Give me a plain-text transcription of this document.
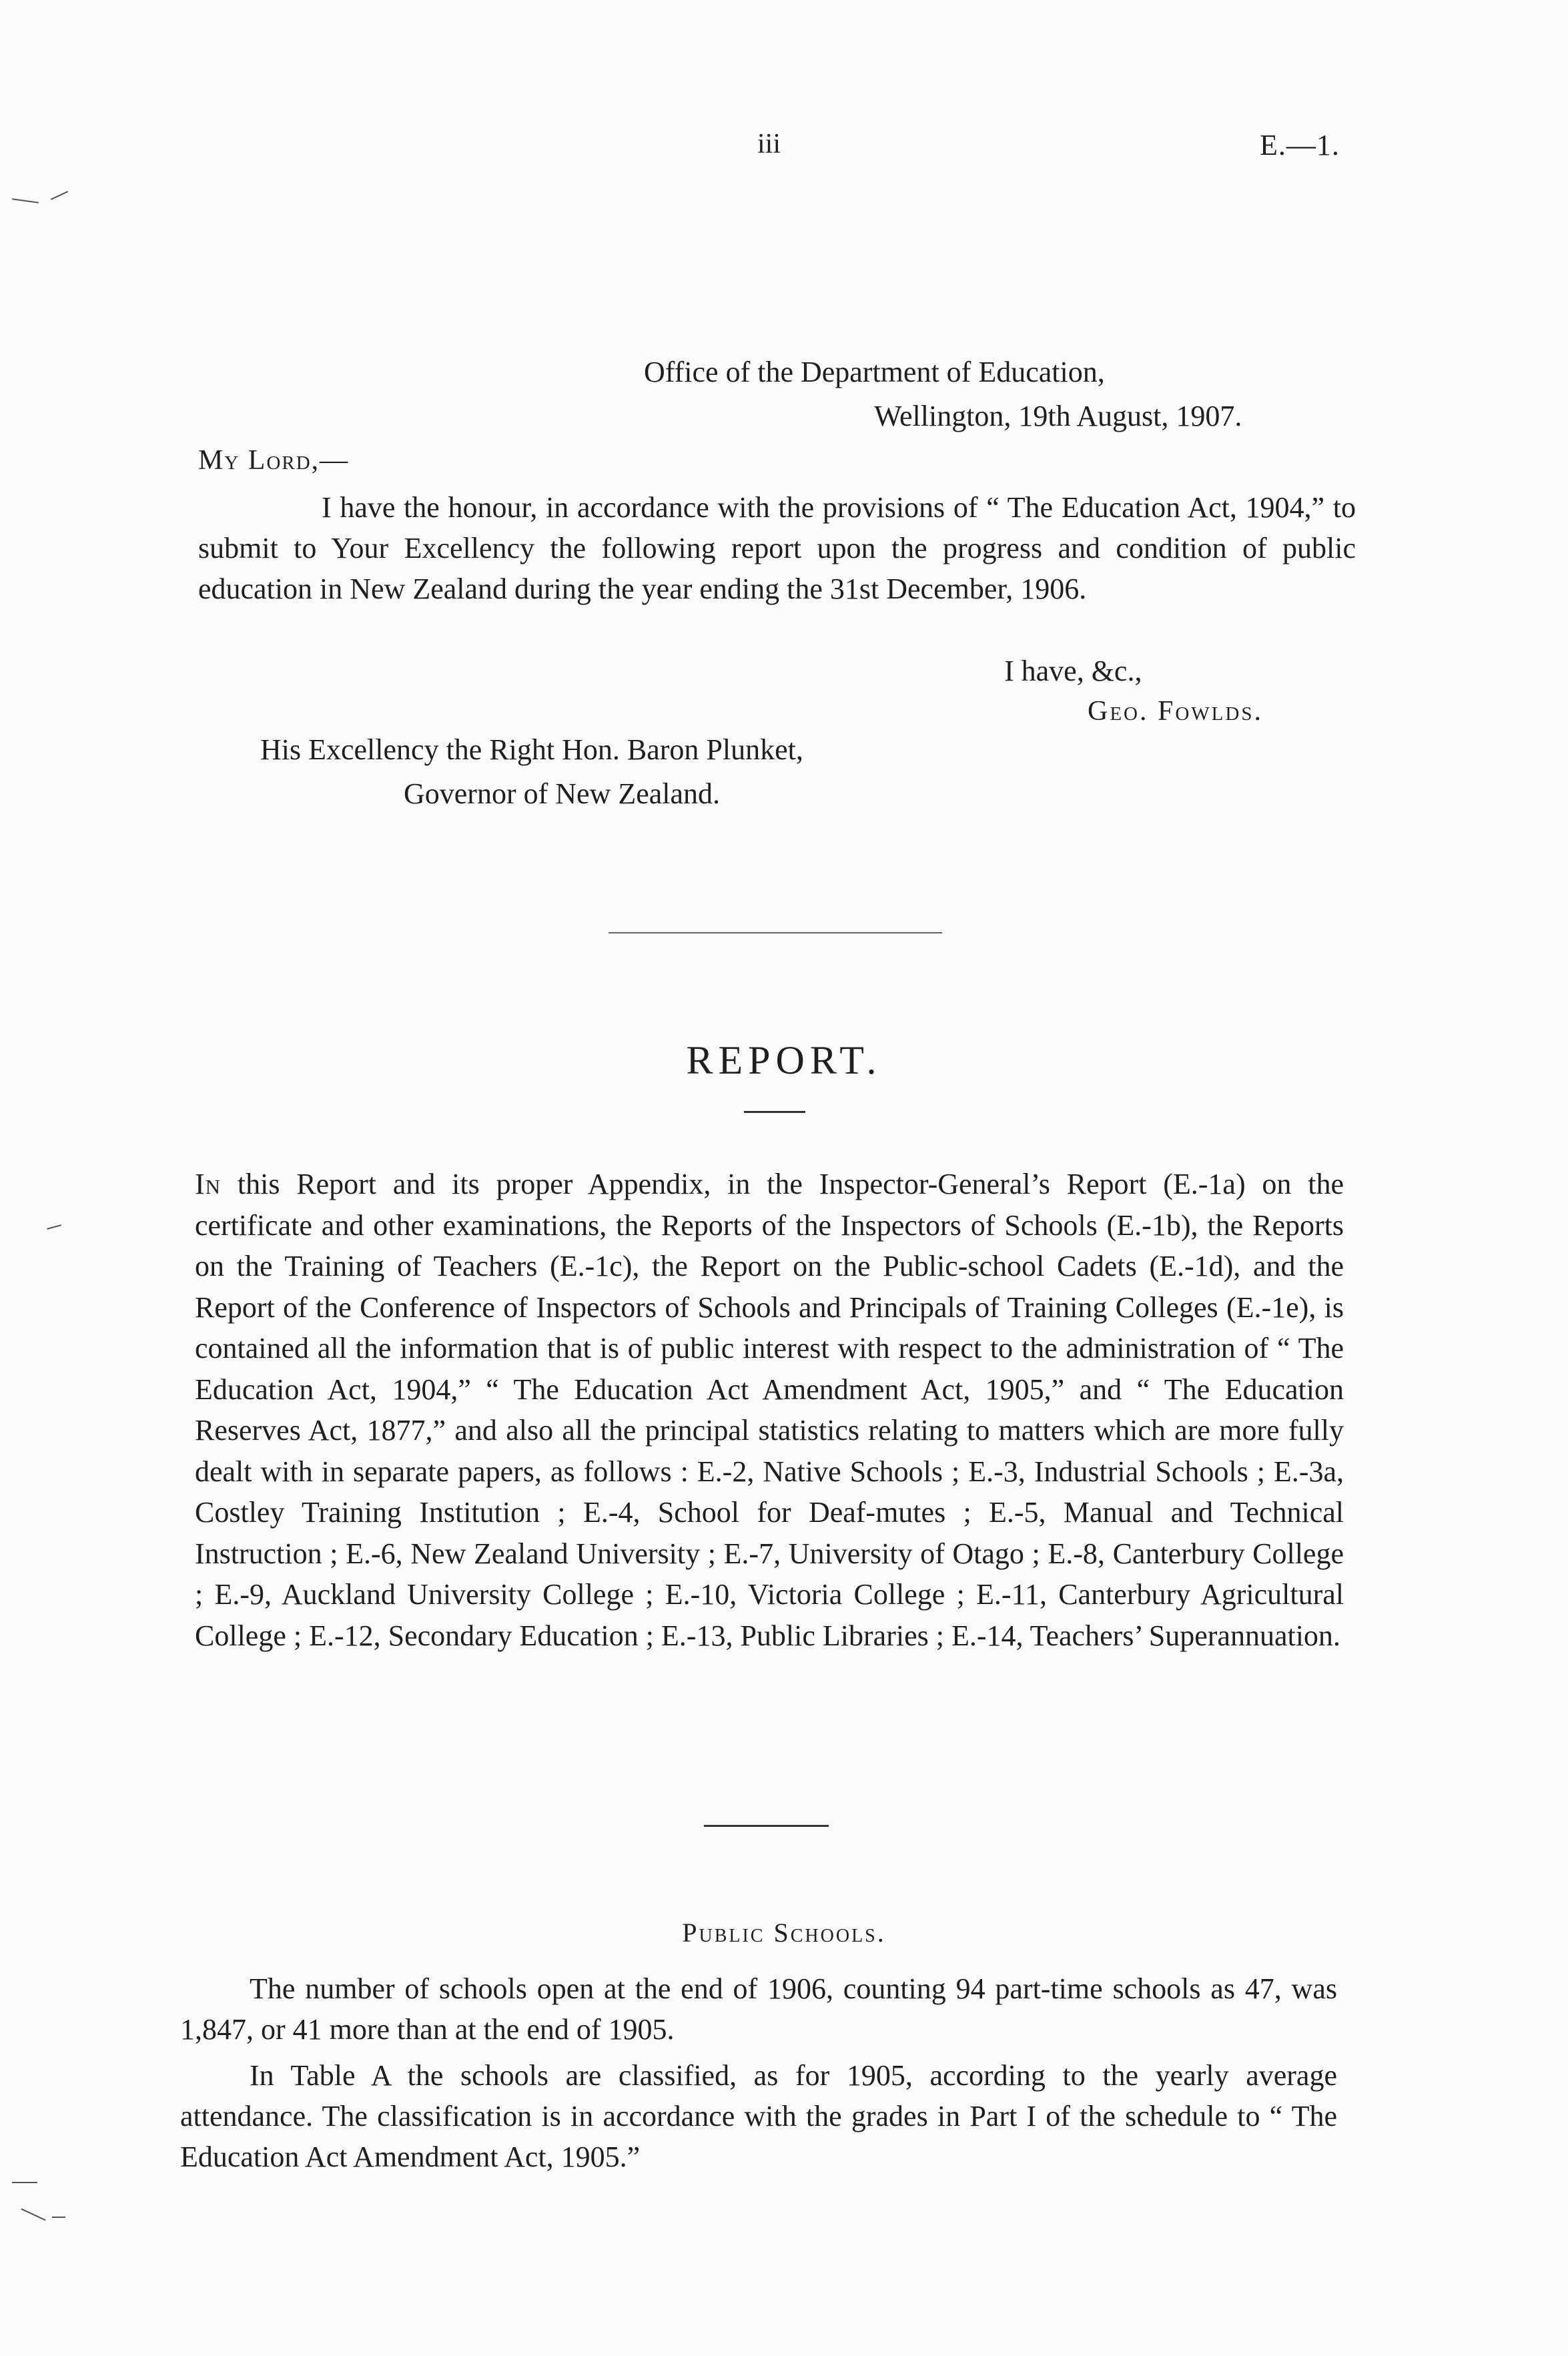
iii	E.—1.
Office of the Department of Education,
Wellington, 19th August, 1907.
My Lord,—

I have the honour, in accordance with the provisions of “ The Education Act, 1904,” to submit to Your Excellency the following report upon the progress and condition of public education in New Zealand during the year ending the 31st December, 1906.

I have, &c.,
Geo. Fowlds.
His Excellency the Right Hon. Baron Plunket,
Governor of New Zealand.
REPORT.

In this Report and its proper Appendix, in the Inspector-General’s Report (E.-1a) on the certificate and other examinations, the Reports of the Inspectors of Schools (E.-1b), the Reports on the Training of Teachers (E.-1c), the Report on the Public-school Cadets (E.-1d), and the Report of the Conference of Inspectors of Schools and Principals of Training Colleges (E.-1e), is contained all the information that is of public interest with respect to the administration of “ The Education Act, 1904,” “ The Education Act Amendment Act, 1905,” and “ The Education Reserves Act, 1877,” and also all the principal statistics relating to matters which are more fully dealt with in separate papers, as follows : E.-2, Native Schools ; E.-3, Industrial Schools ; E.-3a, Costley Training Institution ; E.-4, School for Deaf-mutes ; E.-5, Manual and Technical Instruction ; E.-6, New Zealand University ; E.-7, University of Otago ; E.-8, Canterbury College ; E.-9, Auckland University College ; E.-10, Victoria College ; E.-11, Canterbury Agricultural College ; E.-12, Secondary Education ; E.-13, Public Libraries ; E.-14, Teachers’ Superannuation.

Public Schools.

The number of schools open at the end of 1906, counting 94 part-time schools as 47, was 1,847, or 41 more than at the end of 1905.

In Table A the schools are classified, as for 1905, according to the yearly average attendance. The classification is in accordance with the grades in Part I of the schedule to “ The Education Act Amendment Act, 1905.”
